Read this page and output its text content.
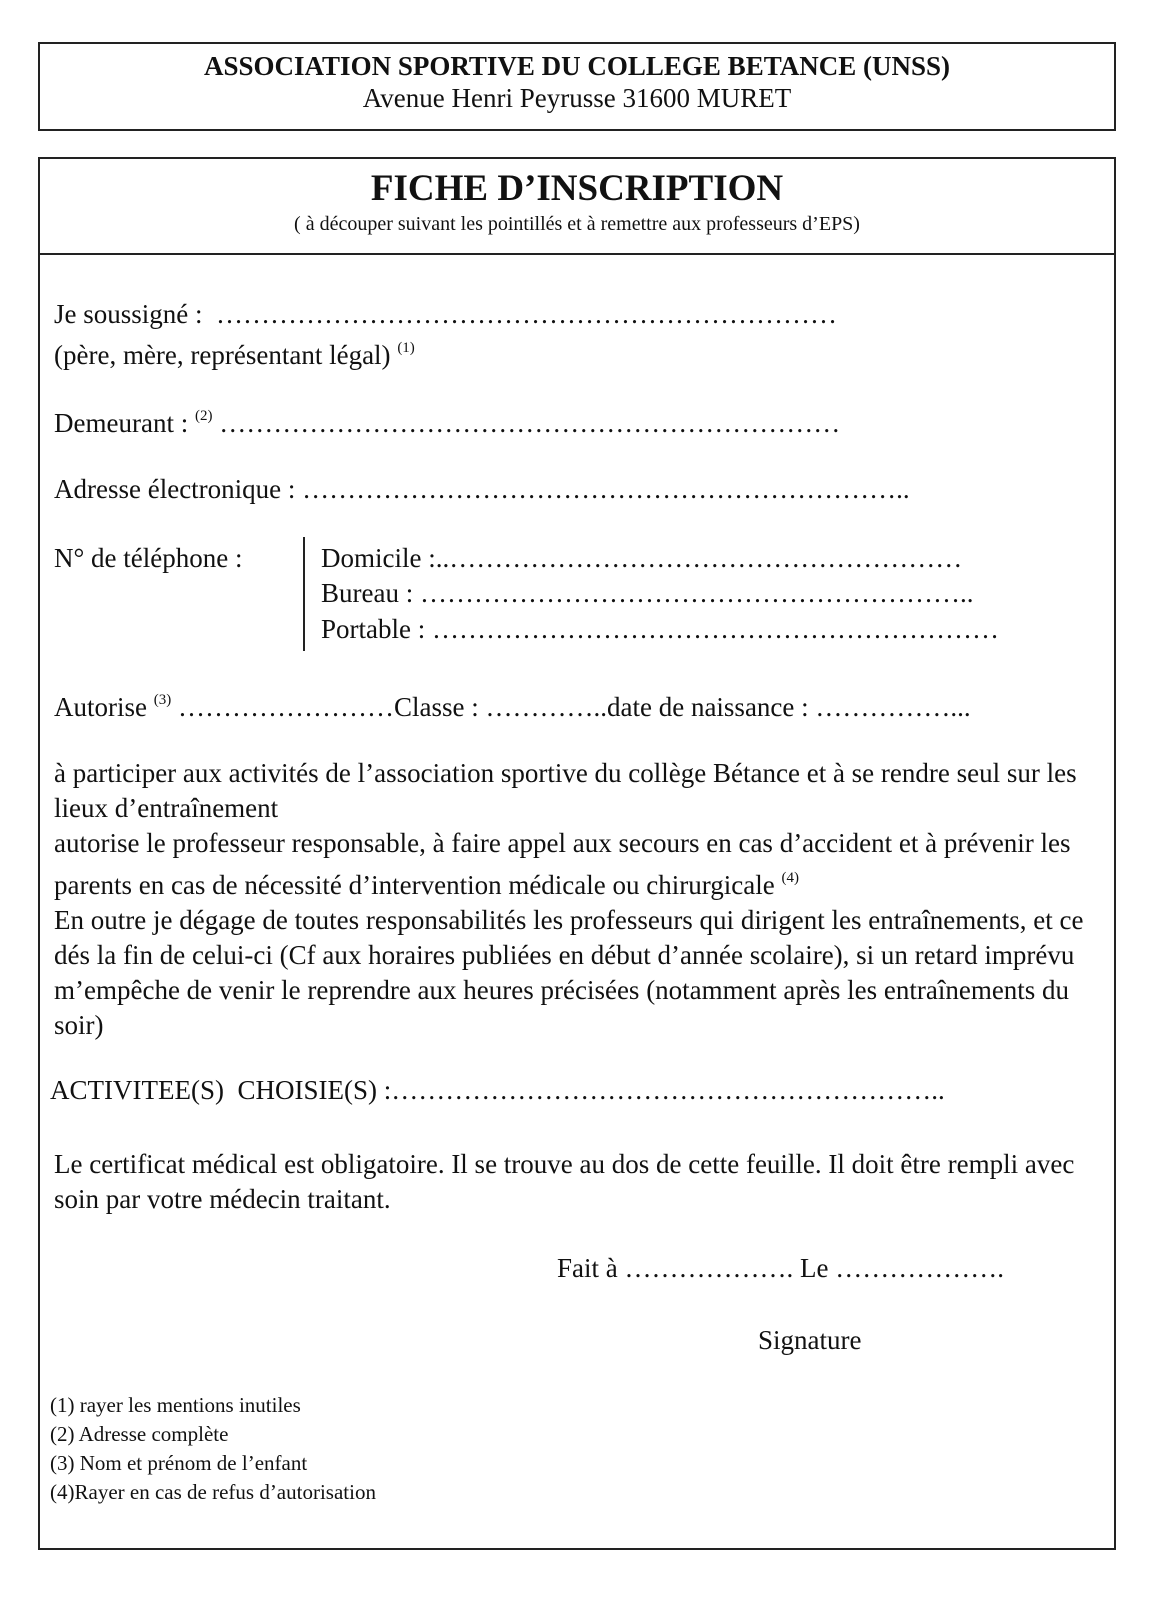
ASSOCIATION SPORTIVE DU COLLEGE BETANCE (UNSS)
Avenue Henri Peyrusse 31600 MURET
FICHE D’INSCRIPTION
( à découper suivant les pointillés et à remettre aux professeurs d’EPS)
Je soussigné : ……………………………………………………………
(père, mère, représentant légal) $^{(1)}$
Demeurant : $^{(2)}$ ……………………………………………………………
Adresse électronique : …………………………………………………………..
N° de téléphone :	Domicile :..…………………………………………………
Bureau : ……………………………………………………..
Portable : ………………………………………………………
Autorise $^{(3)}$ ……………………Classe : …………..date de naissance : ……………...

à participer aux activités de l’association sportive du collège Bétance et à se rendre seul sur les lieux d’entraînement

autorise le professeur responsable, à faire appel aux secours en cas d’accident et à prévenir les parents en cas de nécessité d’intervention médicale ou chirurgicale $^{(4)}$

En outre je dégage de toutes responsabilités les professeurs qui dirigent les entraînements, et ce dés la fin de celui-ci (Cf aux horaires publiées en début d’année scolaire), si un retard imprévu m’empêche de venir le reprendre aux heures précisées (notamment après les entraînements du soir)

ACTIVITEE(S)  CHOISIE(S) :……………………………………………………..
Le certificat médical est obligatoire. Il se trouve au dos de cette feuille. Il doit être rempli avec soin par votre médecin traitant.
Fait à ………………. Le ……………….
Signature
(1) rayer les mentions inutiles
(2) Adresse complète
(3) Nom et prénom de l’enfant
(4)Rayer en cas de refus d’autorisation
